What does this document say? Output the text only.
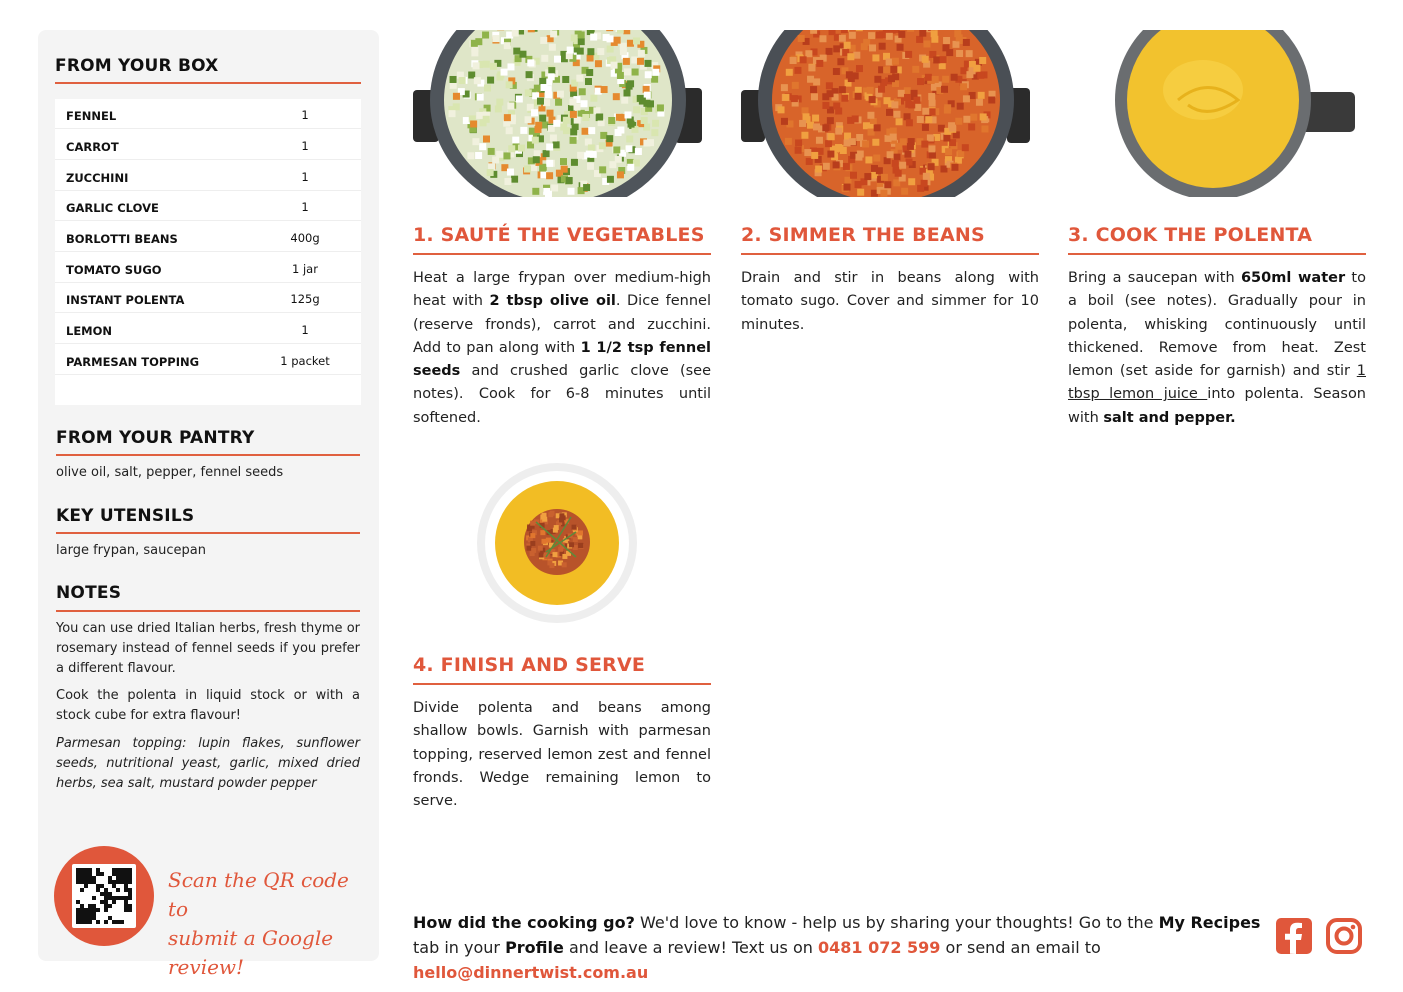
FROM YOUR BOX
FENNEL	1
CARROT	1
ZUCCHINI	1
GARLIC CLOVE	1
BORLOTTI BEANS	400g
TOMATO SUGO	1 jar
INSTANT POLENTA	125g
LEMON	1
PARMESAN TOPPING	1 packet
FROM YOUR PANTRY
olive oil, salt, pepper, fennel seeds
KEY UTENSILS
large frypan, saucepan
NOTES
You can use dried Italian herbs, fresh thyme or rosemary instead of fennel seeds if you prefer a different flavour.
Cook the polenta in liquid stock or with a stock cube for extra flavour!
Parmesan topping: lupin flakes, sunflower seeds, nutritional yeast, garlic, mixed dried herbs, sea salt, mustard powder pepper
Scan the QR code to
submit a Google review!
1. SAUTÉ THE VEGETABLES
Heat a large frypan over medium-high heat with 2 tbsp olive oil. Dice fennel (reserve fronds), carrot and zucchini. Add to pan along with 1 1/2 tsp fennel seeds and crushed garlic clove (see notes). Cook for 6-8 minutes until softened.
2. SIMMER THE BEANS
Drain and stir in beans along with tomato sugo. Cover and simmer for 10 minutes.
3. COOK THE POLENTA
Bring a saucepan with 650ml water to a boil (see notes). Gradually pour in polenta, whisking continuously until thickened. Remove from heat. Zest lemon (set aside for garnish) and stir 1 tbsp lemon juice into polenta. Season with salt and pepper.
4. FINISH AND SERVE
Divide polenta and beans among shallow bowls. Garnish with parmesan topping, reserved lemon zest and fennel fronds. Wedge remaining lemon to serve.
How did the cooking go? We'd love to know - help us by sharing your thoughts! Go to the My Recipes tab in your Profile and leave a review! Text us on 0481 072 599 or send an email to hello@dinnertwist.com.au
